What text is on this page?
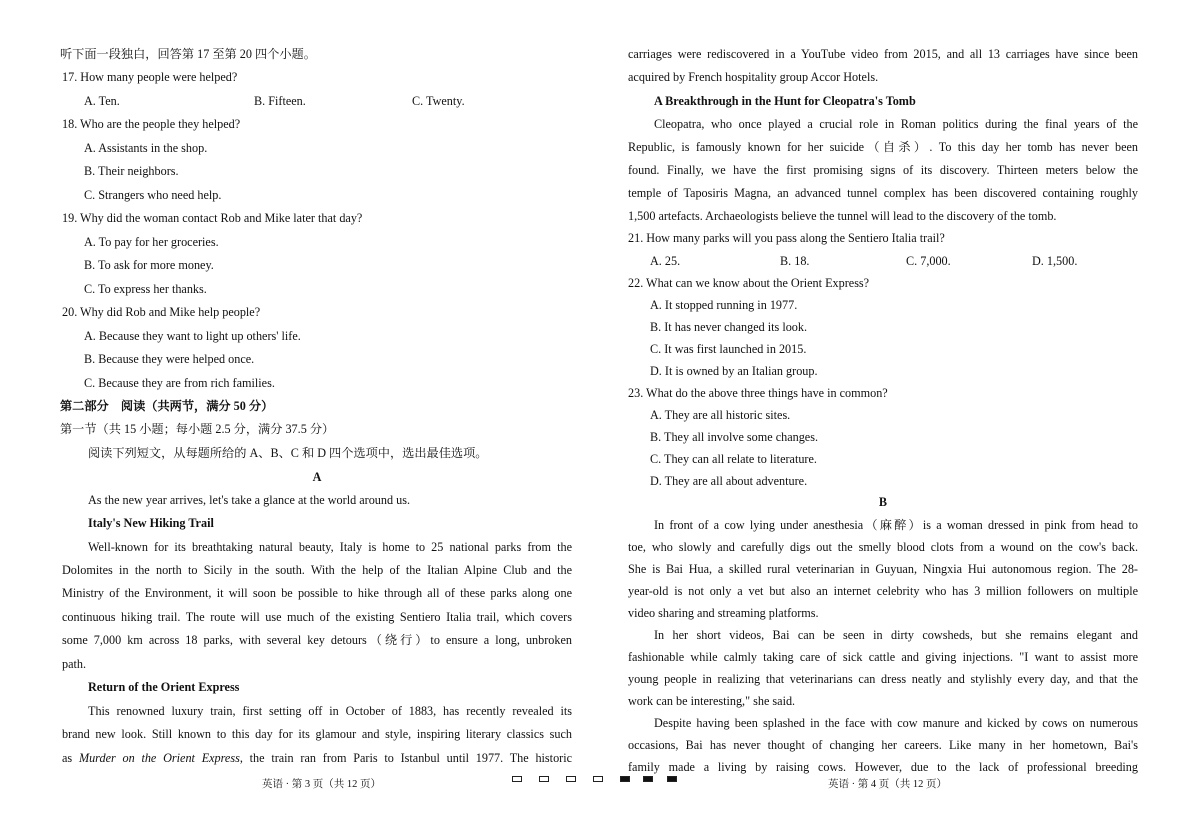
听下面一段独白，回答第 17 至第 20 四个小题。
17. How many people were helped?
A. Ten.	B. Fifteen.	C. Twenty.
18. Who are the people they helped?
A. Assistants in the shop.
B. Their neighbors.
C. Strangers who need help.
19. Why did the woman contact Rob and Mike later that day?
A. To pay for her groceries.
B. To ask for more money.
C. To express her thanks.
20. Why did Rob and Mike help people?
A. Because they want to light up others' life.
B. Because they were helped once.
C. Because they are from rich families.
第二部分　阅读（共两节，满分 50 分）
第一节（共 15 小题；每小题 2.5 分，满分 37.5 分）
阅读下列短文，从每题所给的 A、B、C 和 D 四个选项中，选出最佳选项。
A
As the new year arrives, let's take a glance at the world around us.
Italy's New Hiking Trail
Well-known for its breathtaking natural beauty, Italy is home to 25 national parks from the
Dolomites in the north to Sicily in the south. With the help of the Italian Alpine Club and the
Ministry of the Environment, it will soon be possible to hike through all of these parks along one
continuous hiking trail. The route will use much of the existing Sentiero Italia trail, which covers
some 7,000 km across 18 parks, with several key detours（绕行）to ensure a long, unbroken
path.
Return of the Orient Express
This renowned luxury train, first setting off in October of 1883, has recently revealed its
brand new look. Still known to this day for its glamour and style, inspiring literary classics such
as Murder on the Orient Express, the train ran from Paris to Istanbul until 1977. The historic
carriages were rediscovered in a YouTube video from 2015, and all 13 carriages have since been
acquired by French hospitality group Accor Hotels.
A Breakthrough in the Hunt for Cleopatra's Tomb
Cleopatra, who once played a crucial role in Roman politics during the final years of the
Republic, is famously known for her suicide（自杀）. To this day her tomb has never been
found. Finally, we have the first promising signs of its discovery. Thirteen meters below the
temple of Taposiris Magna, an advanced tunnel complex has been discovered containing roughly
1,500 artefacts. Archaeologists believe the tunnel will lead to the discovery of the tomb.
21. How many parks will you pass along the Sentiero Italia trail?
A. 25.	B. 18.	C. 7,000.	D. 1,500.
22. What can we know about the Orient Express?
A. It stopped running in 1977.
B. It has never changed its look.
C. It was first launched in 2015.
D. It is owned by an Italian group.
23. What do the above three things have in common?
A. They are all historic sites.
B. They all involve some changes.
C. They can all relate to literature.
D. They are all about adventure.
B
In front of a cow lying under anesthesia（麻醉）is a woman dressed in pink from head to
toe, who slowly and carefully digs out the smelly blood clots from a wound on the cow's back.
She is Bai Hua, a skilled rural veterinarian in Guyuan, Ningxia Hui autonomous region. The 28-
year-old is not only a vet but also an internet celebrity who has 3 million followers on multiple
video sharing and streaming platforms.
In her short videos, Bai can be seen in dirty cowsheds, but she remains elegant and
fashionable while calmly taking care of sick cattle and giving injections. "I want to assist more
young people in realizing that veterinarians can dress neatly and stylishly every day, and that the
work can be interesting," she said.
Despite having been splashed in the face with cow manure and kicked by cows on numerous
occasions, Bai has never thought of changing her careers. Like many in her hometown, Bai's
family made a living by raising cows. However, due to the lack of professional breeding
英语 · 第 3 页（共 12 页）	英语 · 第 4 页（共 12 页）
